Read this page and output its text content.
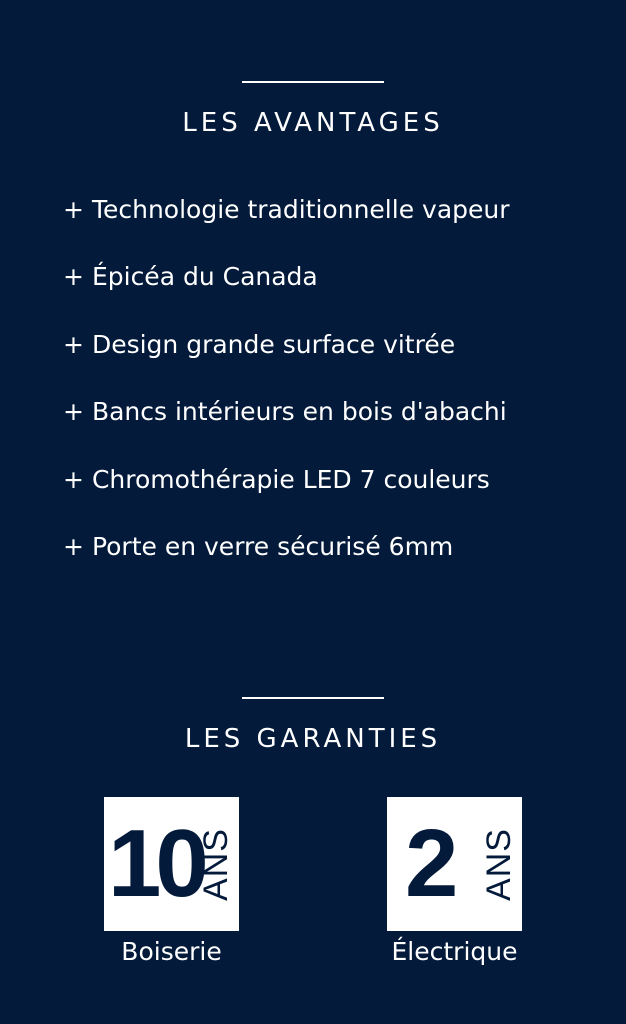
LES AVANTAGES
+ Technologie traditionnelle vapeur
+ Épicéa du Canada
+ Design grande surface vitrée
+ Bancs intérieurs en bois d'abachi
+ Chromothérapie LED 7 couleurs
+ Porte en verre sécurisé 6mm
LES GARANTIES
10
ANS
Boiserie
2 ANS
Électrique
